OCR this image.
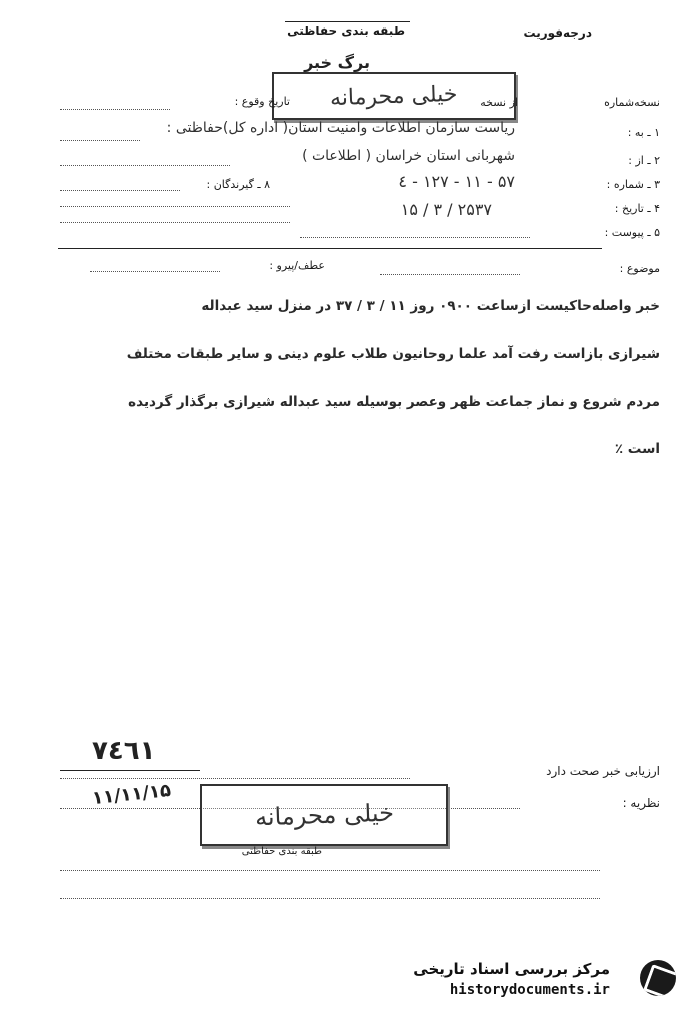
درجه‌فوریت
طبقه بندی حفاظتی
برگ خبر
خیلی محرمانه	نسخه‌شماره
از نسخه
تاریخ وقوع :
۱ ـ به :
ریاست سازمان اطلاعات وامنیت استان( اداره کل)حفاظتی :
۲ ـ از :
شهربانی استان خراسان ( اطلاعات )
۳ ـ شماره :
۵۷ - ۱۱ - ۱۲۷ - ٤
۸ ـ گیرندگان :
۴ ـ تاریخ :
۲۵۳۷ / ۳ / ۱۵
۵ ـ پیوست :
موضوع :
عطف/پیرو :
خبر واصله‌حاکیست ازساعت ۰۹۰۰ روز ۱۱ / ۳ / ۳۷ در منزل سید عبداله
شیرازی بازاست رفت آمد علما روحانیون طلاب علوم دینی و سایر طبقات مختلف
مردم شروع و نماز جماعت ظهر وعصر بوسیله سید عبداله شیرازی برگذار گردیده
است ٪
۷٤٦١
ارزیابی خبر صحت دارد
نظریه :
۱۱/۱۱/۱۵
خیلی محرمانه
طبقه بندی حفاظتی
مرکز بررسی اسناد تاریخی
historydocuments.ir
